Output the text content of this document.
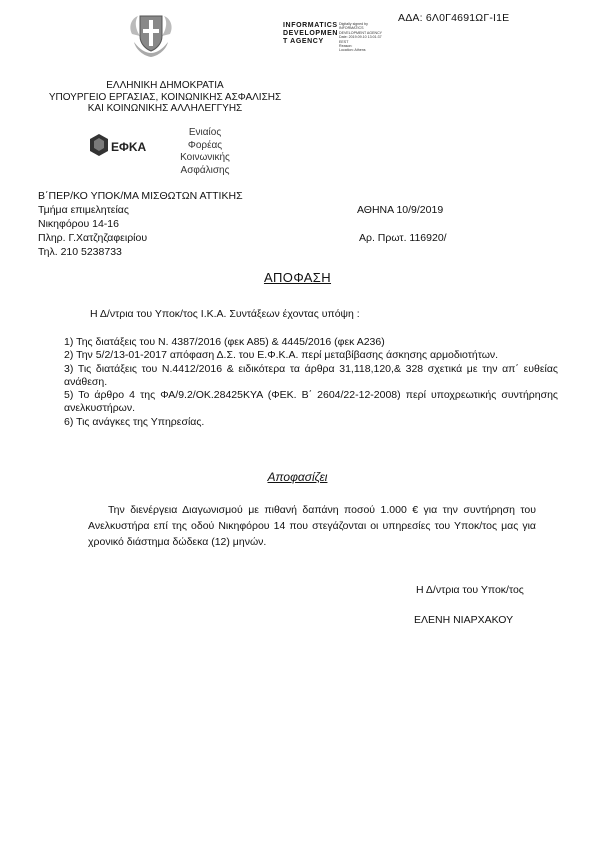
ΑΔΑ: 6Λ0Γ4691ΩΓ-Ι1Ε
INFORMATICS
DEVELOPMEN
T AGENCY
Digitally signed by
INFORMATICS
DEVELOPMENT AGENCY
Date: 2019.09.10 13:01:37
EEST
Reason:
Location: Athens
ΕΛΛΗΝΙΚΗ ΔΗΜΟΚΡΑΤΙΑ
ΥΠΟΥΡΓΕΙΟ ΕΡΓΑΣΙΑΣ, ΚΟΙΝΩΝΙΚΗΣ ΑΣΦΑΛΙΣΗΣ
ΚΑΙ ΚΟΙΝΩΝΙΚΗΣ ΑΛΛΗΛΕΓΓΥΗΣ
ΕΦΚΑ
Ενιαίος
Φορέας
Κοινωνικής
Ασφάλισης
Β΄ΠΕΡ/ΚΟ ΥΠΟΚ/ΜΑ ΜΙΣΘΩΤΩΝ ΑΤΤΙΚΗΣ
Τμήμα επιμελητείας
Νικηφόρου 14-16
Πληρ. Γ.Χατζηζαφειρίου
Τηλ. 210 5238733
ΑΘΗΝΑ 10/9/2019
Αρ. Πρωτ. 116920/
ΑΠΟΦΑΣΗ
Η Δ/ντρια του Υποκ/τος Ι.Κ.Α. Συντάξεων έχοντας υπόψη :

1) Της διατάξεις του Ν. 4387/2016 (φεκ Α85) & 4445/2016 (φεκ Α236)

2) Την 5/2/13-01-2017 απόφαση Δ.Σ. του Ε.Φ.Κ.Α. περί μεταβίβασης άσκησης αρμοδιοτήτων.

3) Τις διατάξεις του Ν.4412/2016 & ειδικότερα τα άρθρα 31,118,120,& 328 σχετικά με την απ΄ ευθείας ανάθεση.

5) Το άρθρο 4 της ΦΑ/9.2/ΟΚ.28425ΚΥΑ (ΦΕΚ. Β΄ 2604/22-12-2008) περί υποχρεωτικής συντήρησης ανελκυστήρων.

6) Τις ανάγκες της Υπηρεσίας.

Αποφασίζει
Την διενέργεια Διαγωνισμού με πιθανή δαπάνη ποσού 1.000 € για την συντήρηση του Ανελκυστήρα επί της οδού Νικηφόρου 14 που στεγάζονται οι υπηρεσίες του Υποκ/τος μας για χρονικό διάστημα δώδεκα (12) μηνών.
Η Δ/ντρια του Υποκ/τος
ΕΛΕΝΗ ΝΙΑΡΧΑΚΟΥ
